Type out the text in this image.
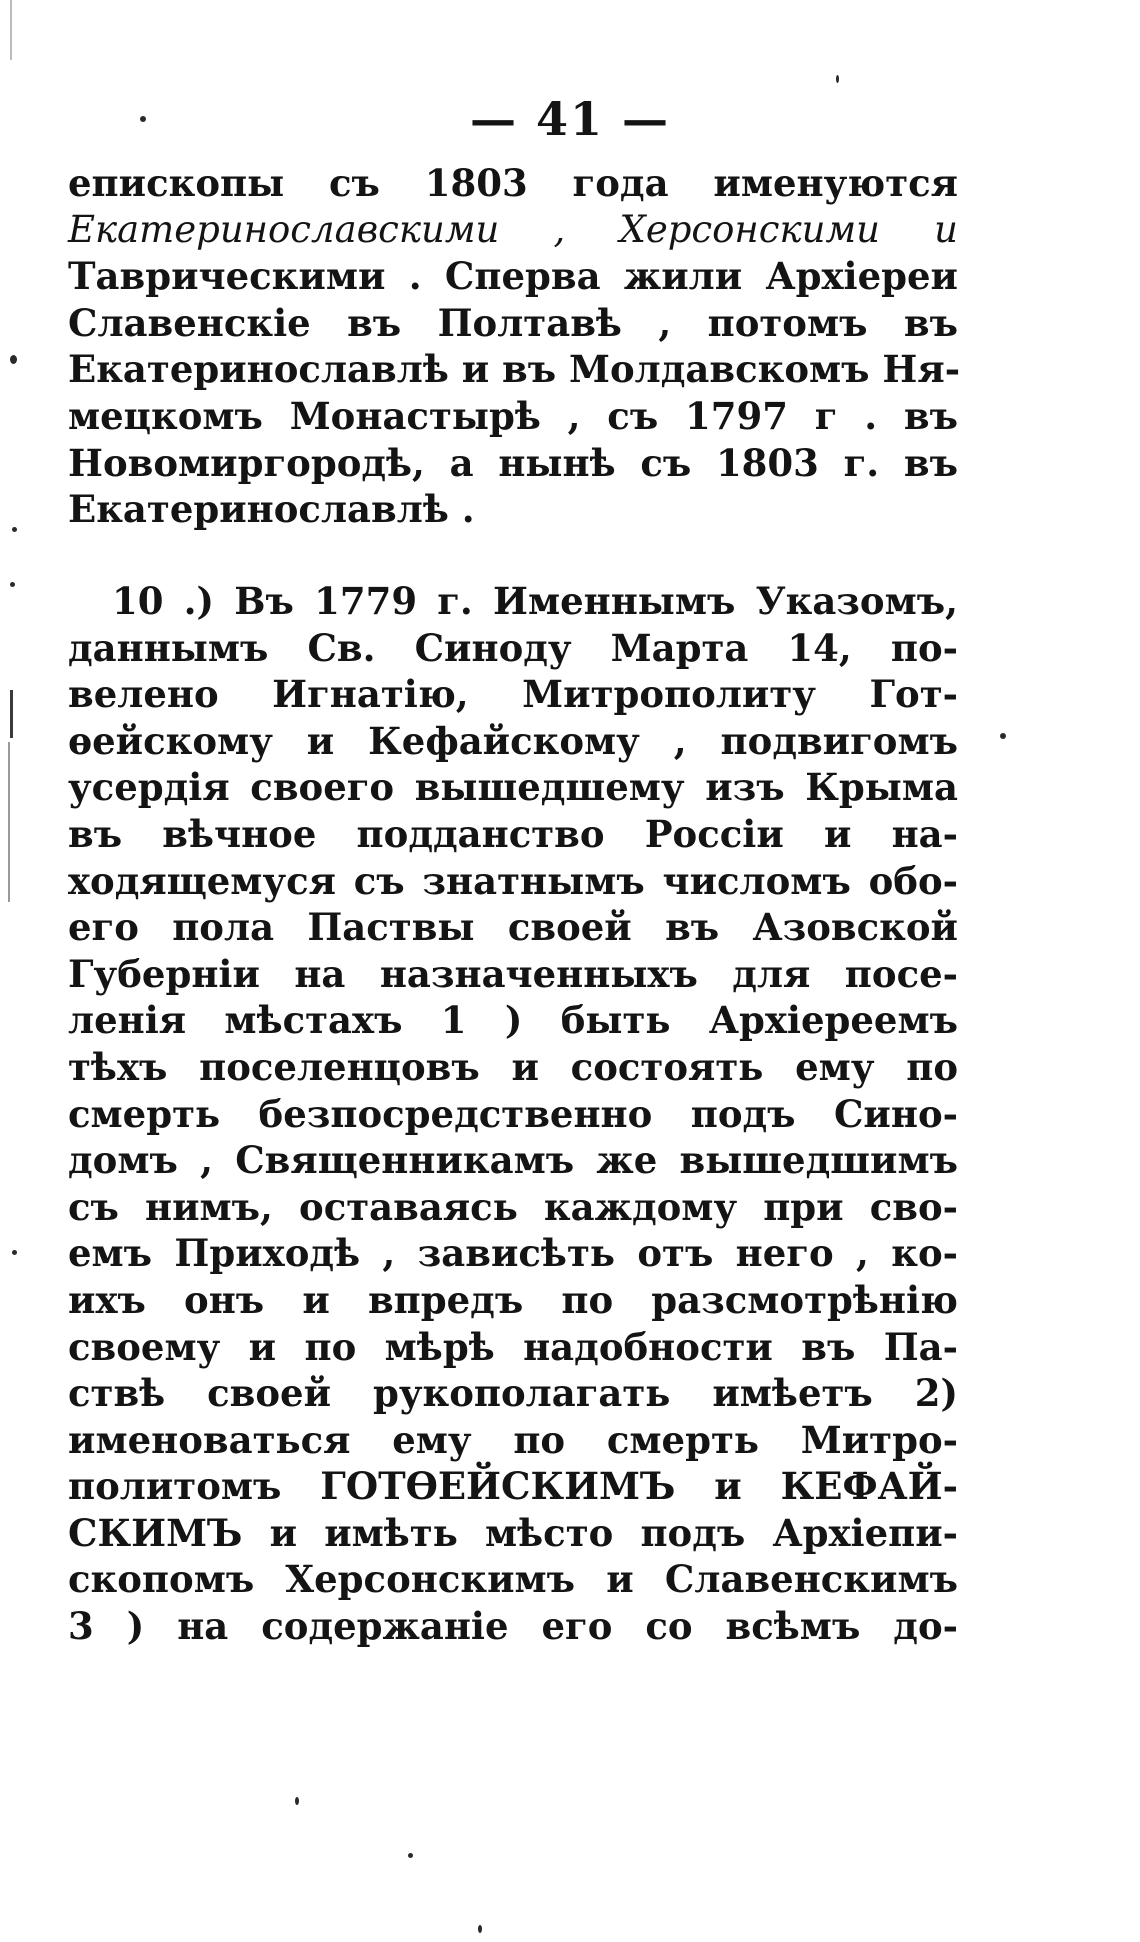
— 41 —
епископы съ 1803 года именуются
Екатеринославскими , Херсонскими и
Таврическими . Сперва жили Архіереи
Славенскіе въ Полтавѣ , потомъ въ
Екатеринославлѣ и въ Молдавскомъ Ня-
мецкомъ Монастырѣ , съ 1797 г . въ
Новомиргородѣ, а нынѣ съ 1803 г. въ
Екатеринославлѣ .
10 .) Въ 1779 г. Именнымъ Указомъ,
даннымъ Св. Синоду Марта 14, по-
велено Игнатію, Митрополиту Гот-
ѳейскому и Кефайскому , подвигомъ
усердія своего вышедшему изъ Крыма
въ вѣчное подданство Россіи и на-
ходящемуся съ знатнымъ числомъ обо-
его пола Паствы своей въ Азовской
Губерніи на назначенныхъ для посе-
ленія мѣстахъ 1 ) быть Архіереемъ
тѣхъ поселенцовъ и состоять ему по
смерть безпосредственно подъ Сино-
домъ , Священникамъ же вышедшимъ
съ нимъ, оставаясь каждому при сво-
емъ Приходѣ , зависѣть отъ него , ко-
ихъ онъ и впредъ по разсмотрѣнію
своему и по мѣрѣ надобности въ Па-
ствѣ своей рукополагать имѣетъ 2)
именоваться ему по смерть Митро-
политомъ ГОТѲЕЙСКИМЪ и КЕФАЙ-
СКИМЪ и имѣть мѣсто подъ Архіепи-
скопомъ Херсонскимъ и Славенскимъ
3 ) на содержаніе его со всѣмъ до-
